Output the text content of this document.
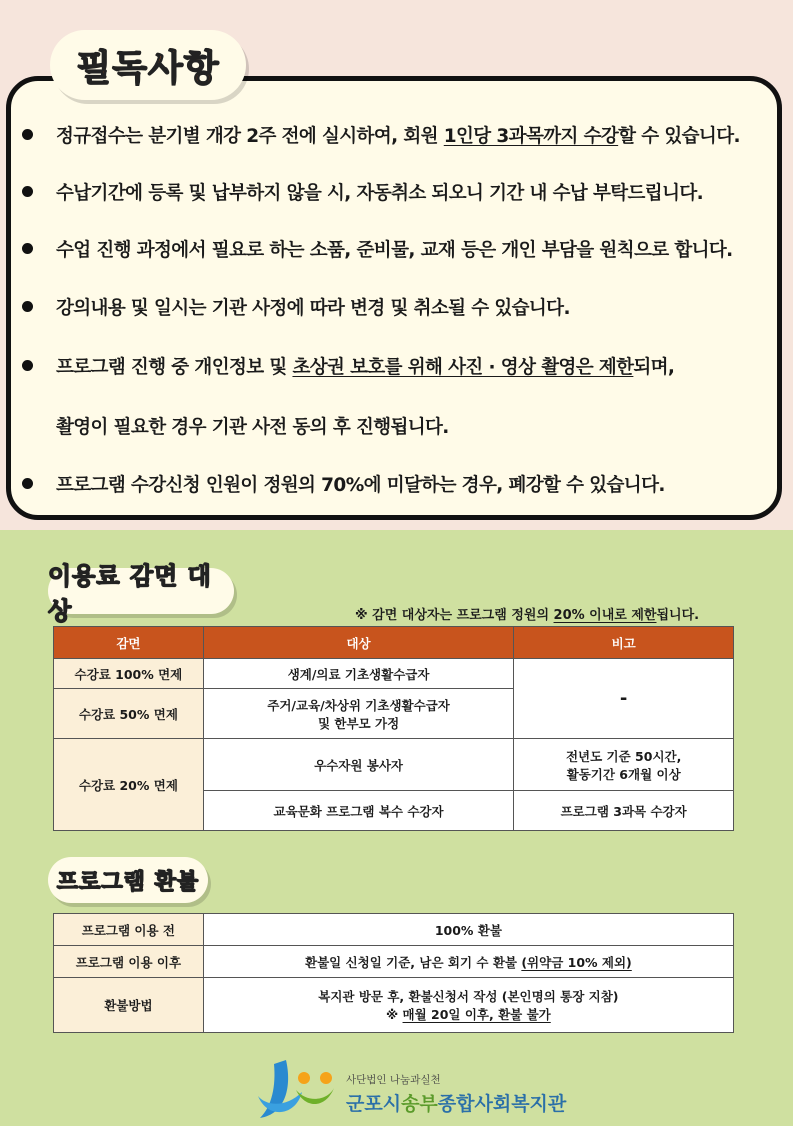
필독사항
정규접수는 분기별 개강 2주 전에 실시하여, 회원 1인당 3과목까지 수강할 수 있습니다.
수납기간에 등록 및 납부하지 않을 시, 자동취소 되오니 기간 내 수납 부탁드립니다.
수업 진행 과정에서 필요로 하는 소품, 준비물, 교재 등은 개인 부담을 원칙으로 합니다.
강의내용 및 일시는 기관 사정에 따라 변경 및 취소될 수 있습니다.
프로그램 진행 중 개인정보 및 초상권 보호를 위해 사진 · 영상 촬영은 제한되며,
촬영이 필요한 경우 기관 사전 동의 후 진행됩니다.
프로그램 수강신청 인원이 정원의 70%에 미달하는 경우, 폐강할 수 있습니다.
이용료 감면 대상	※ 감면 대상자는 프로그램 정원의 20% 이내로 제한됩니다.
감면	대상	비고
수강료 100% 면제	생계/의료 기초생활수급자	-
수강료 50% 면제	주거/교육/차상위 기초생활수급자
및 한부모 가정	

수강료 20% 면제	우수자원 봉사자	전년도 기준 50시간,
활동기간 6개월 이상

	교육문화 프로그램 복수 수강자	프로그램 3과목 수강자
프로그램 환불
프로그램 이용 전	100% 환불
프로그램 이용 이후	환불일 신청일 기준, 남은 회기 수 환불 (위약금 10% 제외)
환불방법	복지관 방문 후, 환불신청서 작성 (본인명의 통장 지참)
※ 매월 20일 이후, 환불 불가
사단법인 나눔과실천
군포시송부종합사회복지관
